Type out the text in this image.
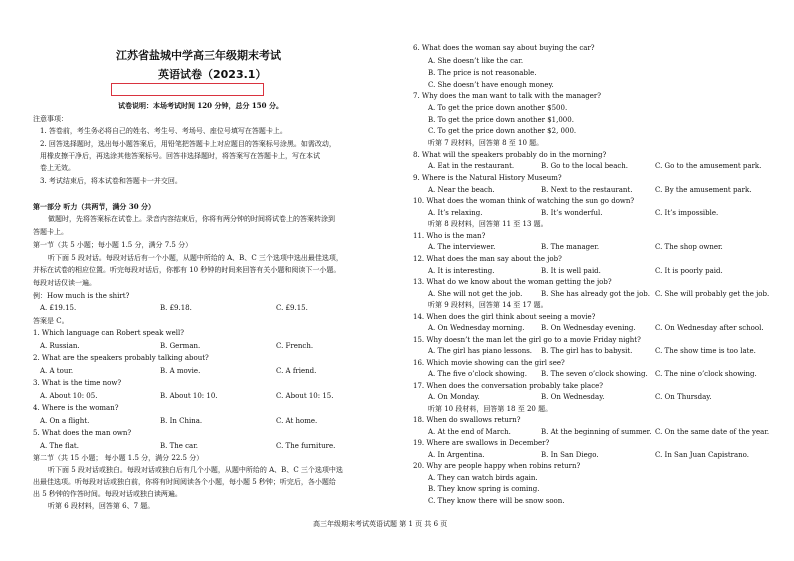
江苏省盐城中学高三年级期末考试
英语试卷（2023.1）
试卷说明：本场考试时间 120 分钟，总分 150 分。
注意事项：
1. 答卷前，考生务必将自己的姓名、考生号、考场号、座位号填写在答题卡上。
2. 回答选择题时，选出每小题答案后，用铅笔把答题卡上对应题目的答案标号涂黑。如需改动，
用橡皮擦干净后，再选涂其他答案标号。回答非选择题时，将答案写在答题卡上，写在本试
卷上无效。
3. 考试结束后，将本试卷和答题卡一并交回。
第一部分 听力（共两节，满分 30 分）
做题时，先将答案标在试卷上。录音内容结束后，你将有两分钟的时间将试卷上的答案转涂到
答题卡上。
第一节（共 5 小题；每小题 1.5 分，满分 7.5 分）
听下面 5 段对话。每段对话后有一个小题，从题中所给的 A、B、C 三个选项中选出最佳选项，
并标在试卷的相应位置。听完每段对话后，你都有 10 秒钟的时间来回答有关小题和阅读下一小题。
每段对话仅读一遍。
例：How much is the shirt?
A. £19.15.	B. £9.18.	C. £9.15.
答案是 C。
1. Which language can Robert speak well?
A. Russian.	B. German.	C. French.
2. What are the speakers probably talking about?
A. A tour.	B. A movie.	C. A friend.
3. What is the time now?
A. About 10: 05.	B. About 10: 10.	C. About 10: 15.
4. Where is the woman?
A. On a flight.	B. In China.	C. At home.
5. What does the man own?
A. The flat.	B. The car.	C. The furniture.
第二节（共 15 小题； 每小题 1.5 分，满分 22.5 分）
听下面 5 段对话或独白。每段对话或独白后有几个小题，从题中所给的 A、B、C 三个选项中选
出最佳选项。听每段对话或独白前，你将有时间阅读各个小题，每小题 5 秒钟；听完后，各小题给
出 5 秒钟的作答时间。每段对话或独白读两遍。
听第 6 段材料，回答第 6、7 题。
6. What does the woman say about buying the car?
A. She doesn’t like the car.
B. The price is not reasonable.
C. She doesn’t have enough money.
7. Why does the man want to talk with the manager?
A. To get the price down another $500.
B. To get the price down another $1,000.
C. To get the price down another $2, 000.
听第 7 段材料，回答第 8 至 10 题。
8. What will the speakers probably do in the morning?
A. Eat in the restaurant.	B. Go to the local beach.	C. Go to the amusement park.
9. Where is the Natural History Museum?
A. Near the beach.	B. Next to the restaurant.	C. By the amusement park.
10. What does the woman think of watching the sun go down?
A. It’s relaxing.	B. It’s wonderful.	C. It’s impossible.
听第 8 段材料，回答第 11 至 13 题。
11. Who is the man?
A. The interviewer.	B. The manager.	C. The shop owner.
12. What does the man say about the job?
A. It is interesting.	B. It is well paid.	C. It is poorly paid.
13. What do we know about the woman getting the job?
A. She will not get the job.	B. She has already got the job. C. She will probably get the job.
听第 9 段材料，回答第 14 至 17 题。
14. When does the girl think about seeing a movie?
A. On Wednesday morning. B. On Wednesday evening.	C. On Wednesday after school.
15. Why doesn’t the man let the girl go to a movie Friday night?
A. The girl has piano lessons. B. The girl has to babysit.	C. The show time is too late.
16. Which movie showing can the girl see?
A. The five o’clock showing. B. The seven o’clock showing. C. The nine o’clock showing.
17. When does the conversation probably take place?
A. On Monday.	B. On Wednesday.	C. On Thursday.
听第 10 段材料，回答第 18 至 20 题。
18. When do swallows return?
A. At the end of March.	B. At the beginning of summer. C. On the same date of the year.
19. Where are swallows in December?
A. In Argentina.	B. In San Diego.	C. In San Juan Capistrano.
20. Why are people happy when robins return?
A. They can watch birds again.
B. They know spring is coming.
C. They know there will be snow soon.
高三年级期末考试英语试题 第 1 页 共 6 页
